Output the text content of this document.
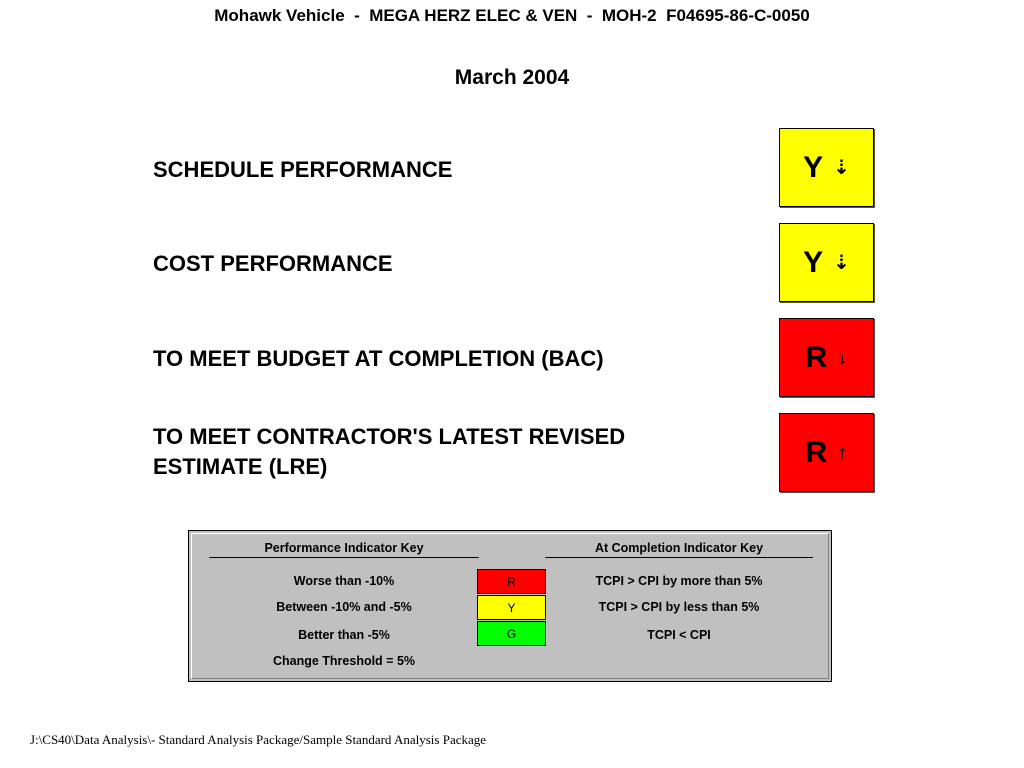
Mohawk Vehicle  -  MEGA HERZ ELEC & VEN  -  MOH-2  F04695-86-C-0050
March 2004
SCHEDULE PERFORMANCE	Y ⇣
COST PERFORMANCE	Y ⇣
TO MEET BUDGET AT COMPLETION (BAC)	R ↓
TO MEET CONTRACTOR'S LATEST REVISED
ESTIMATE (LRE)	R ↑
Performance Indicator Key	At Completion Indicator Key
Worse than -10%	R	TCPI > CPI by more than 5%
Between -10% and -5%	Y	TCPI > CPI by less than 5%
Better than -5%	G	TCPI < CPI
Change Threshold = 5%
J:\CS40\Data Analysis\- Standard Analysis Package/Sample Standard Analysis Package
